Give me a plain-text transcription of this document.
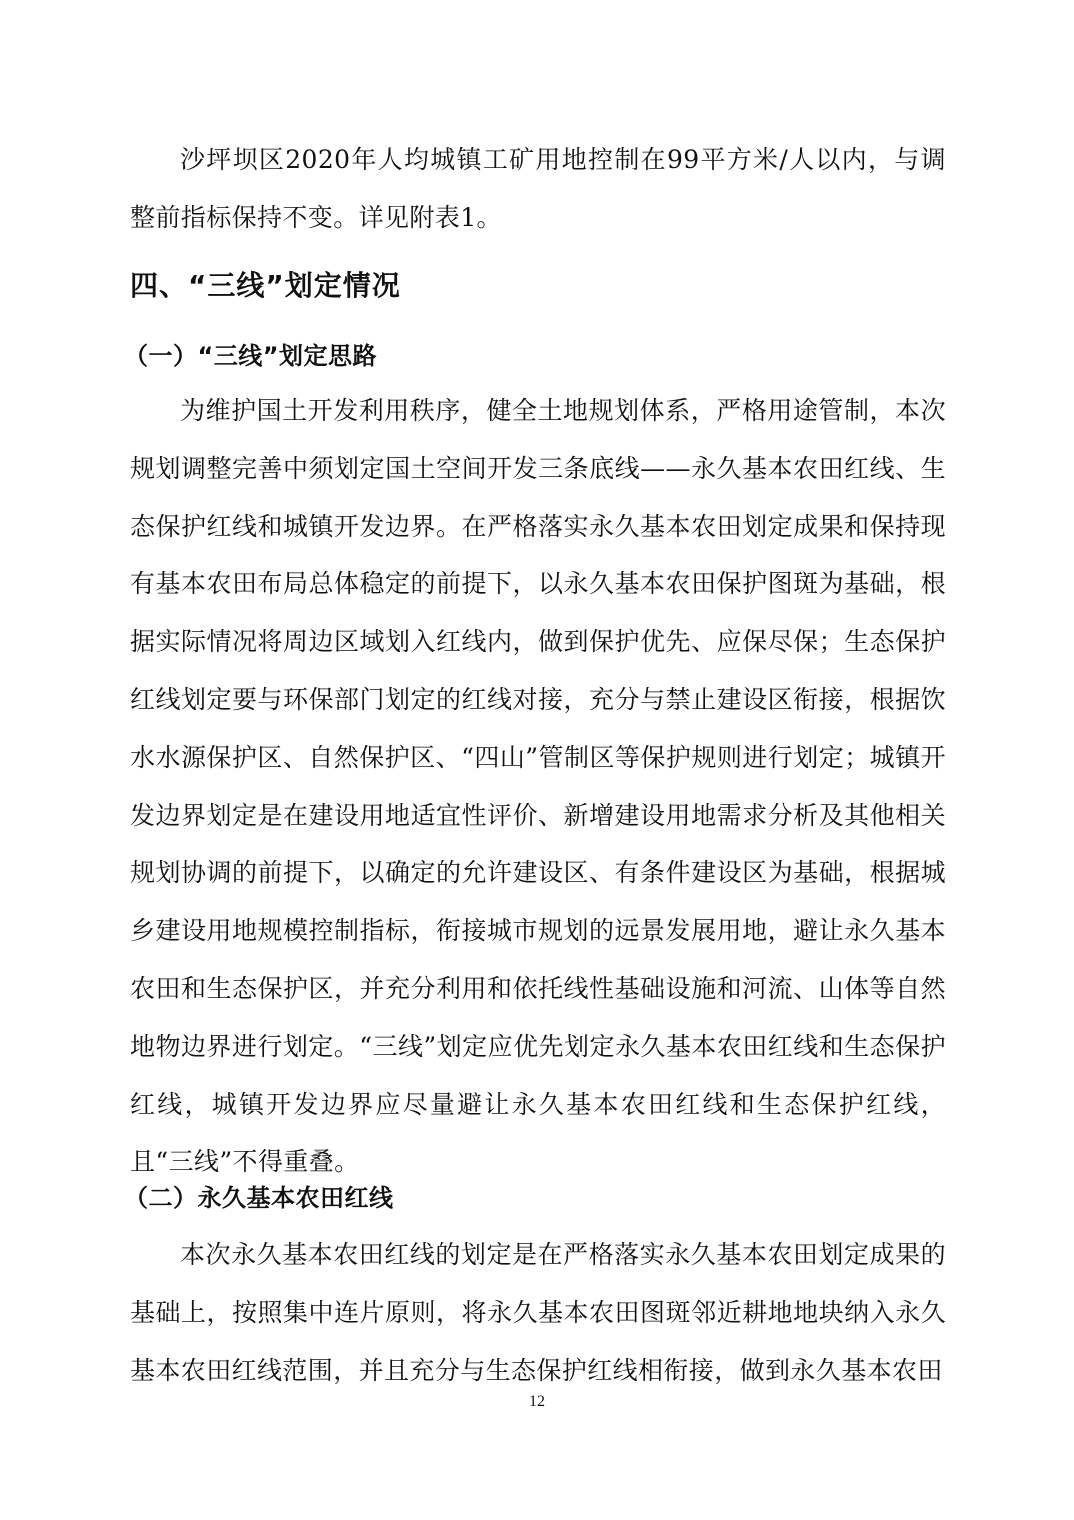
沙坪坝区2020年人均城镇工矿用地控制在99平方米/人以内，与调整前指标保持不变。详见附表1。

四、“三线”划定情况
（一）“三线”划定思路

为维护国土开发利用秩序，健全土地规划体系，严格用途管制，本次规划调整完善中须划定国土空间开发三条底线——永久基本农田红线、生态保护红线和城镇开发边界。在严格落实永久基本农田划定成果和保持现有基本农田布局总体稳定的前提下，以永久基本农田保护图斑为基础，根据实际情况将周边区域划入红线内，做到保护优先、应保尽保；生态保护红线划定要与环保部门划定的红线对接，充分与禁止建设区衔接，根据饮水水源保护区、自然保护区、“四山”管制区等保护规则进行划定；城镇开发边界划定是在建设用地适宜性评价、新增建设用地需求分析及其他相关规划协调的前提下，以确定的允许建设区、有条件建设区为基础，根据城乡建设用地规模控制指标，衔接城市规划的远景发展用地，避让永久基本农田和生态保护区，并充分利用和依托线性基础设施和河流、山体等自然地物边界进行划定。“三线”划定应优先划定永久基本农田红线和生态保护红线，城镇开发边界应尽量避让永久基本农田红线和生态保护红线，且“三线”不得重叠。

（二）永久基本农田红线

本次永久基本农田红线的划定是在严格落实永久基本农田划定成果的基础上，按照集中连片原则，将永久基本农田图斑邻近耕地地块纳入永久基本农田红线范围，并且充分与生态保护红线相衔接，做到永久基本农田

12
